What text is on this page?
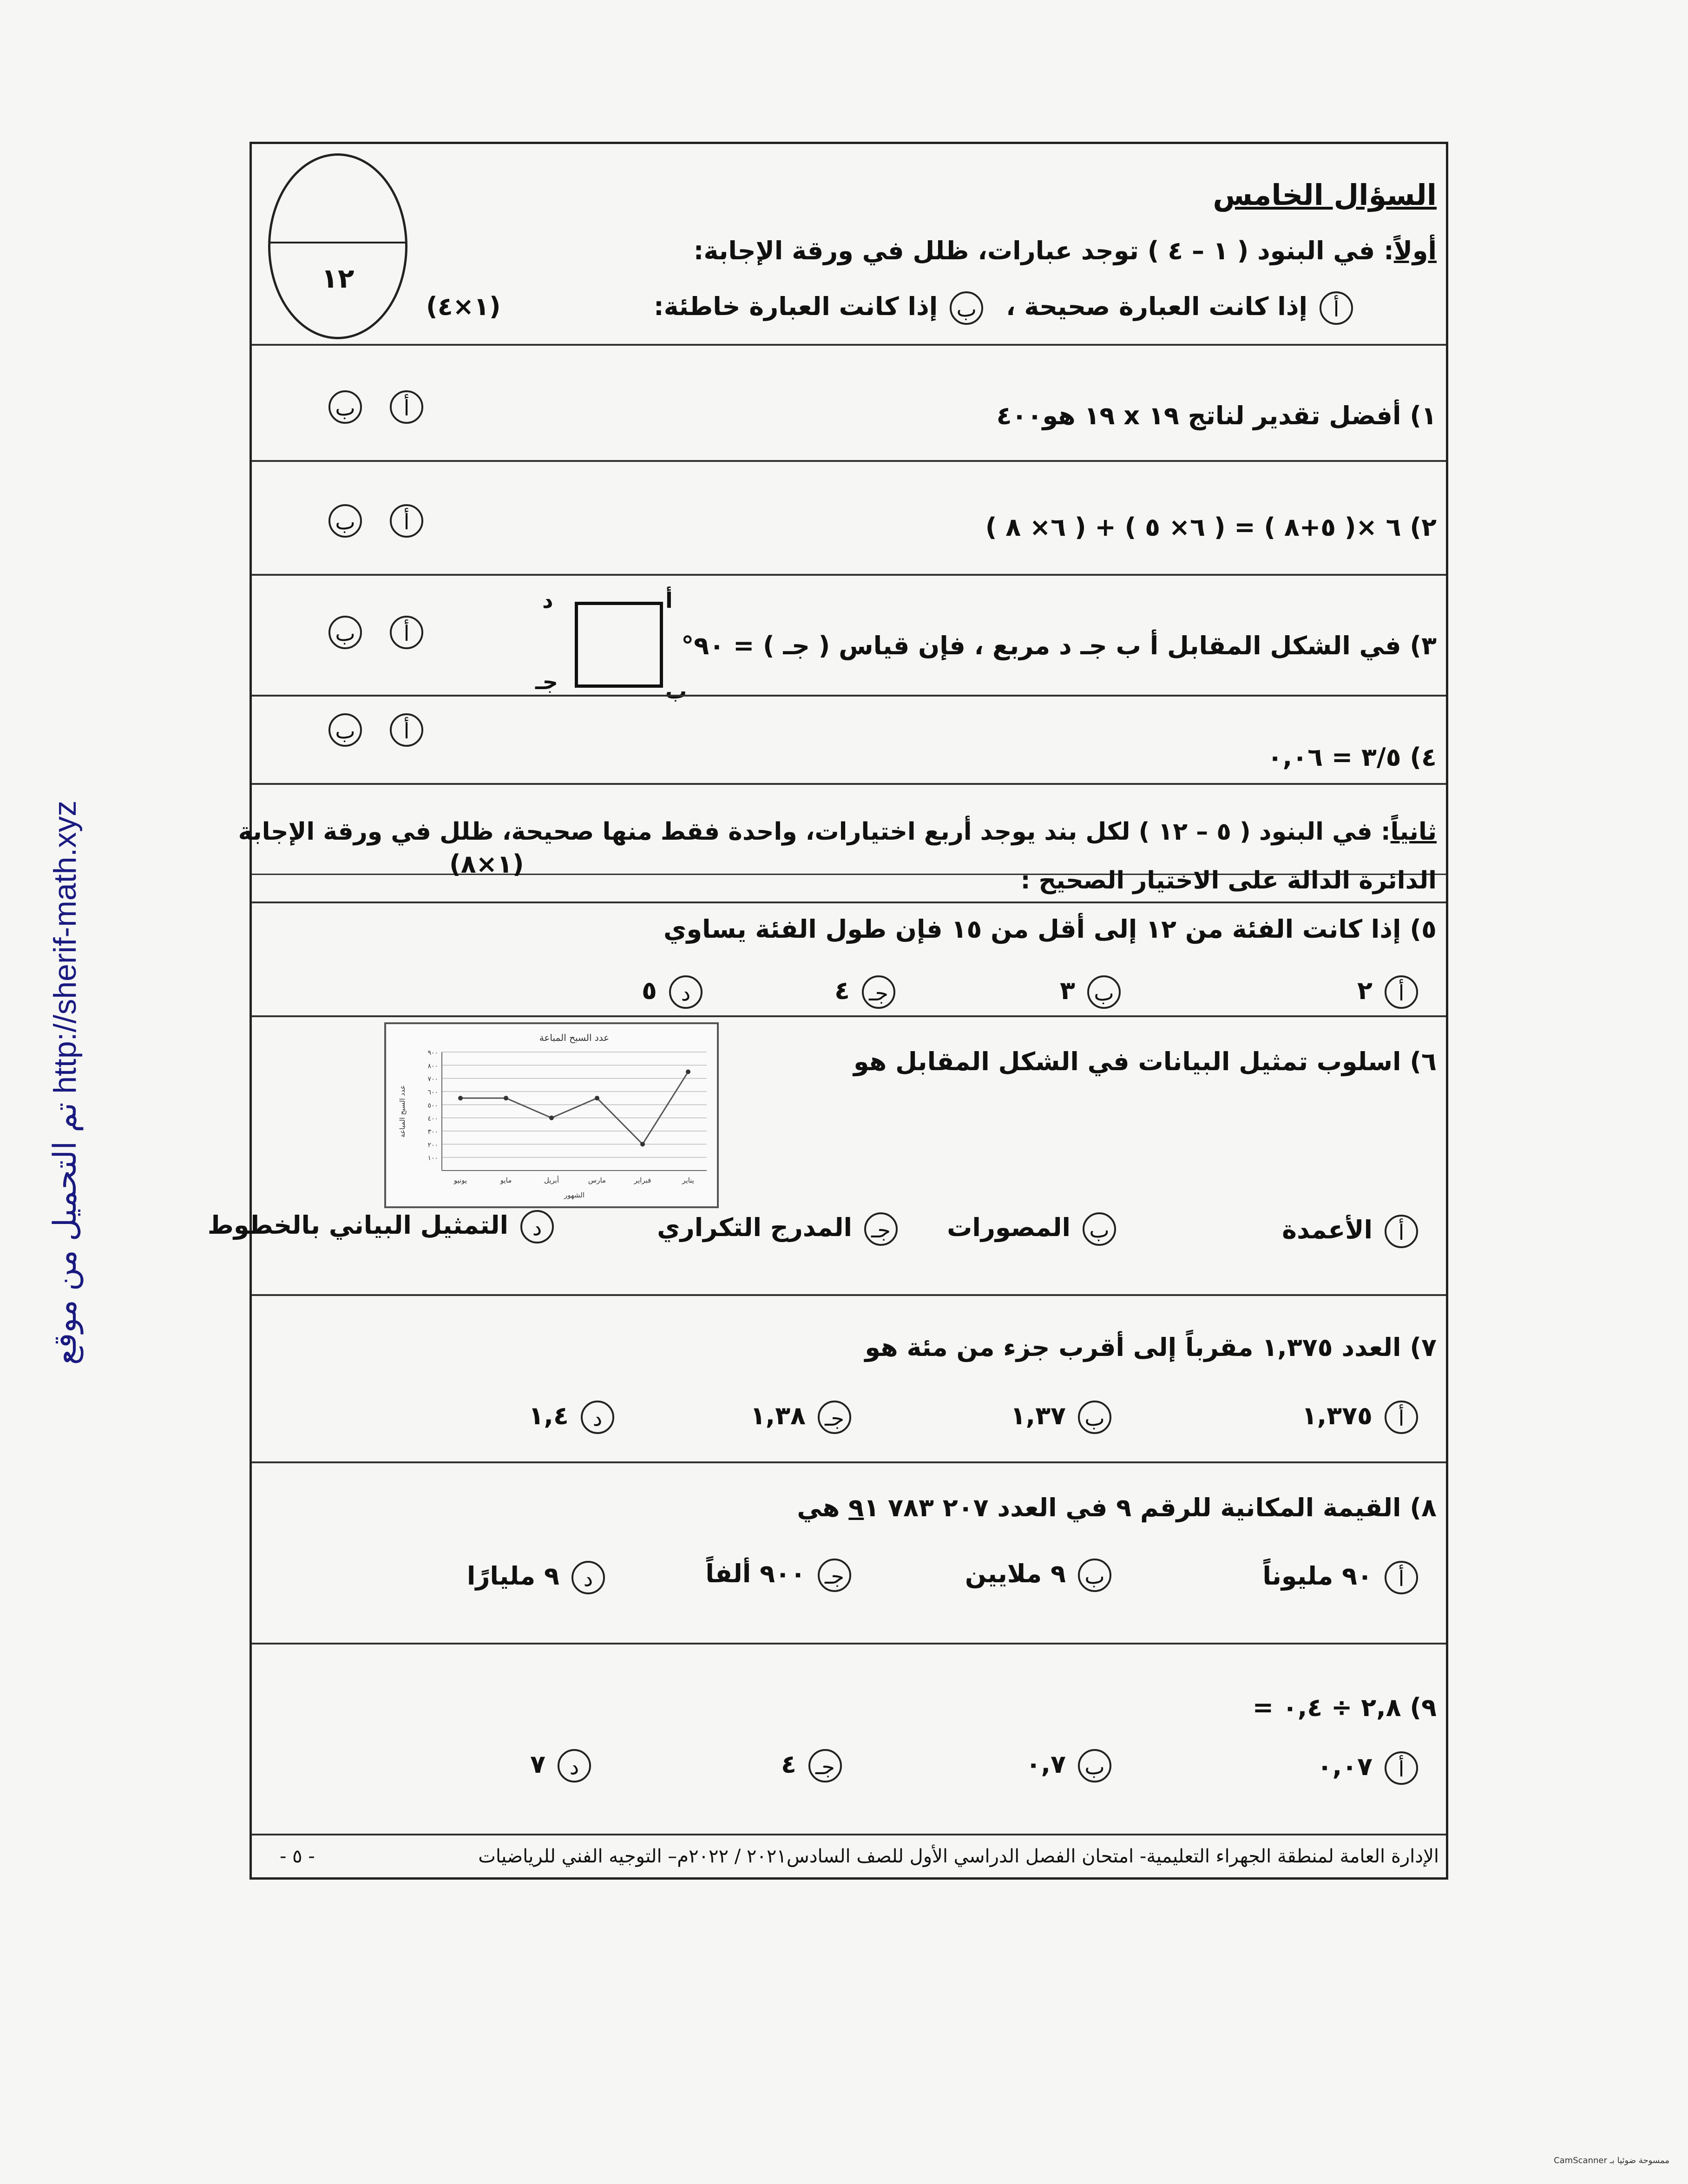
تم التحميل من موقع http://sherif-math.xyz
السؤال الخامس
أولاً: في البنود ( ١ – ٤ ) توجد عبارات، ظلل في ورقة الإجابة:
أإذا كانت العبارة صحيحة ، بإذا كانت العبارة خاطئة:
(١×٤)
١٢
١) أفضل تقدير لناتج ١٩ x ١٩ هو٤٠٠
أب
٢) ٦ ×( ٥+٨ ) = ( ٦× ٥ ) + ( ٦× ٨ )
أب
٣) في الشكل المقابل أ ب جـ د مربع ، فإن قياس ( جـ ) = ٩٠°
أ
ب
جـ
د
أب
٤) ٣/٥ = ٠,٠٦
أب
ثانياً: في البنود ( ٥ – ١٢ ) لكل بند يوجد أربع اختيارات، واحدة فقط منها صحيحة، ظلل في ورقة الإجابة
الدائرة الدالة على الاختيار الصحيح :
(١×٨)
٥) إذا كانت الفئة من ١٢ إلى أقل من ١٥ فإن طول الفئة يساوي
أ٢
ب٣
جـ٤
د٥
٦) اسلوب تمثيل البيانات في الشكل المقابل هو
عدد السبح المباعة
١٠٠
٢٠٠
٣٠٠
٤٠٠
٥٠٠
٦٠٠
٧٠٠
٨٠٠
٩٠٠
يناير
فبراير
مارس
أبريل
مايو
يونيو
الشهور
عدد السبح المباعة
أالأعمدة
بالمصورات
جـالمدرج التكراري
دالتمثيل البياني بالخطوط
٧) العدد ١,٣٧٥ مقرباً إلى أقرب جزء من مئة هو
أ١,٣٧٥
ب١,٣٧
جـ١,٣٨
د١,٤
٨) القيمة المكانية للرقم ٩ في العدد ٢٠٧ ٧٨٣ ٩١ هي
أ٩٠ مليوناً
ب٩ ملايين
جـ٩٠٠ ألفاً
د٩ مليارًا
٩) ٢,٨ ÷ ٠,٤ =
أ٠,٠٧
ب٠,٧
جـ٤
د٧
الإدارة العامة لمنطقة الجهراء التعليمية- امتحان الفصل الدراسي الأول للصف السادس٢٠٢١ / ٢٠٢٢م– التوجيه الفني للرياضيات
- ٥ -
CamScanner ممسوحة ضوئيا بـ
